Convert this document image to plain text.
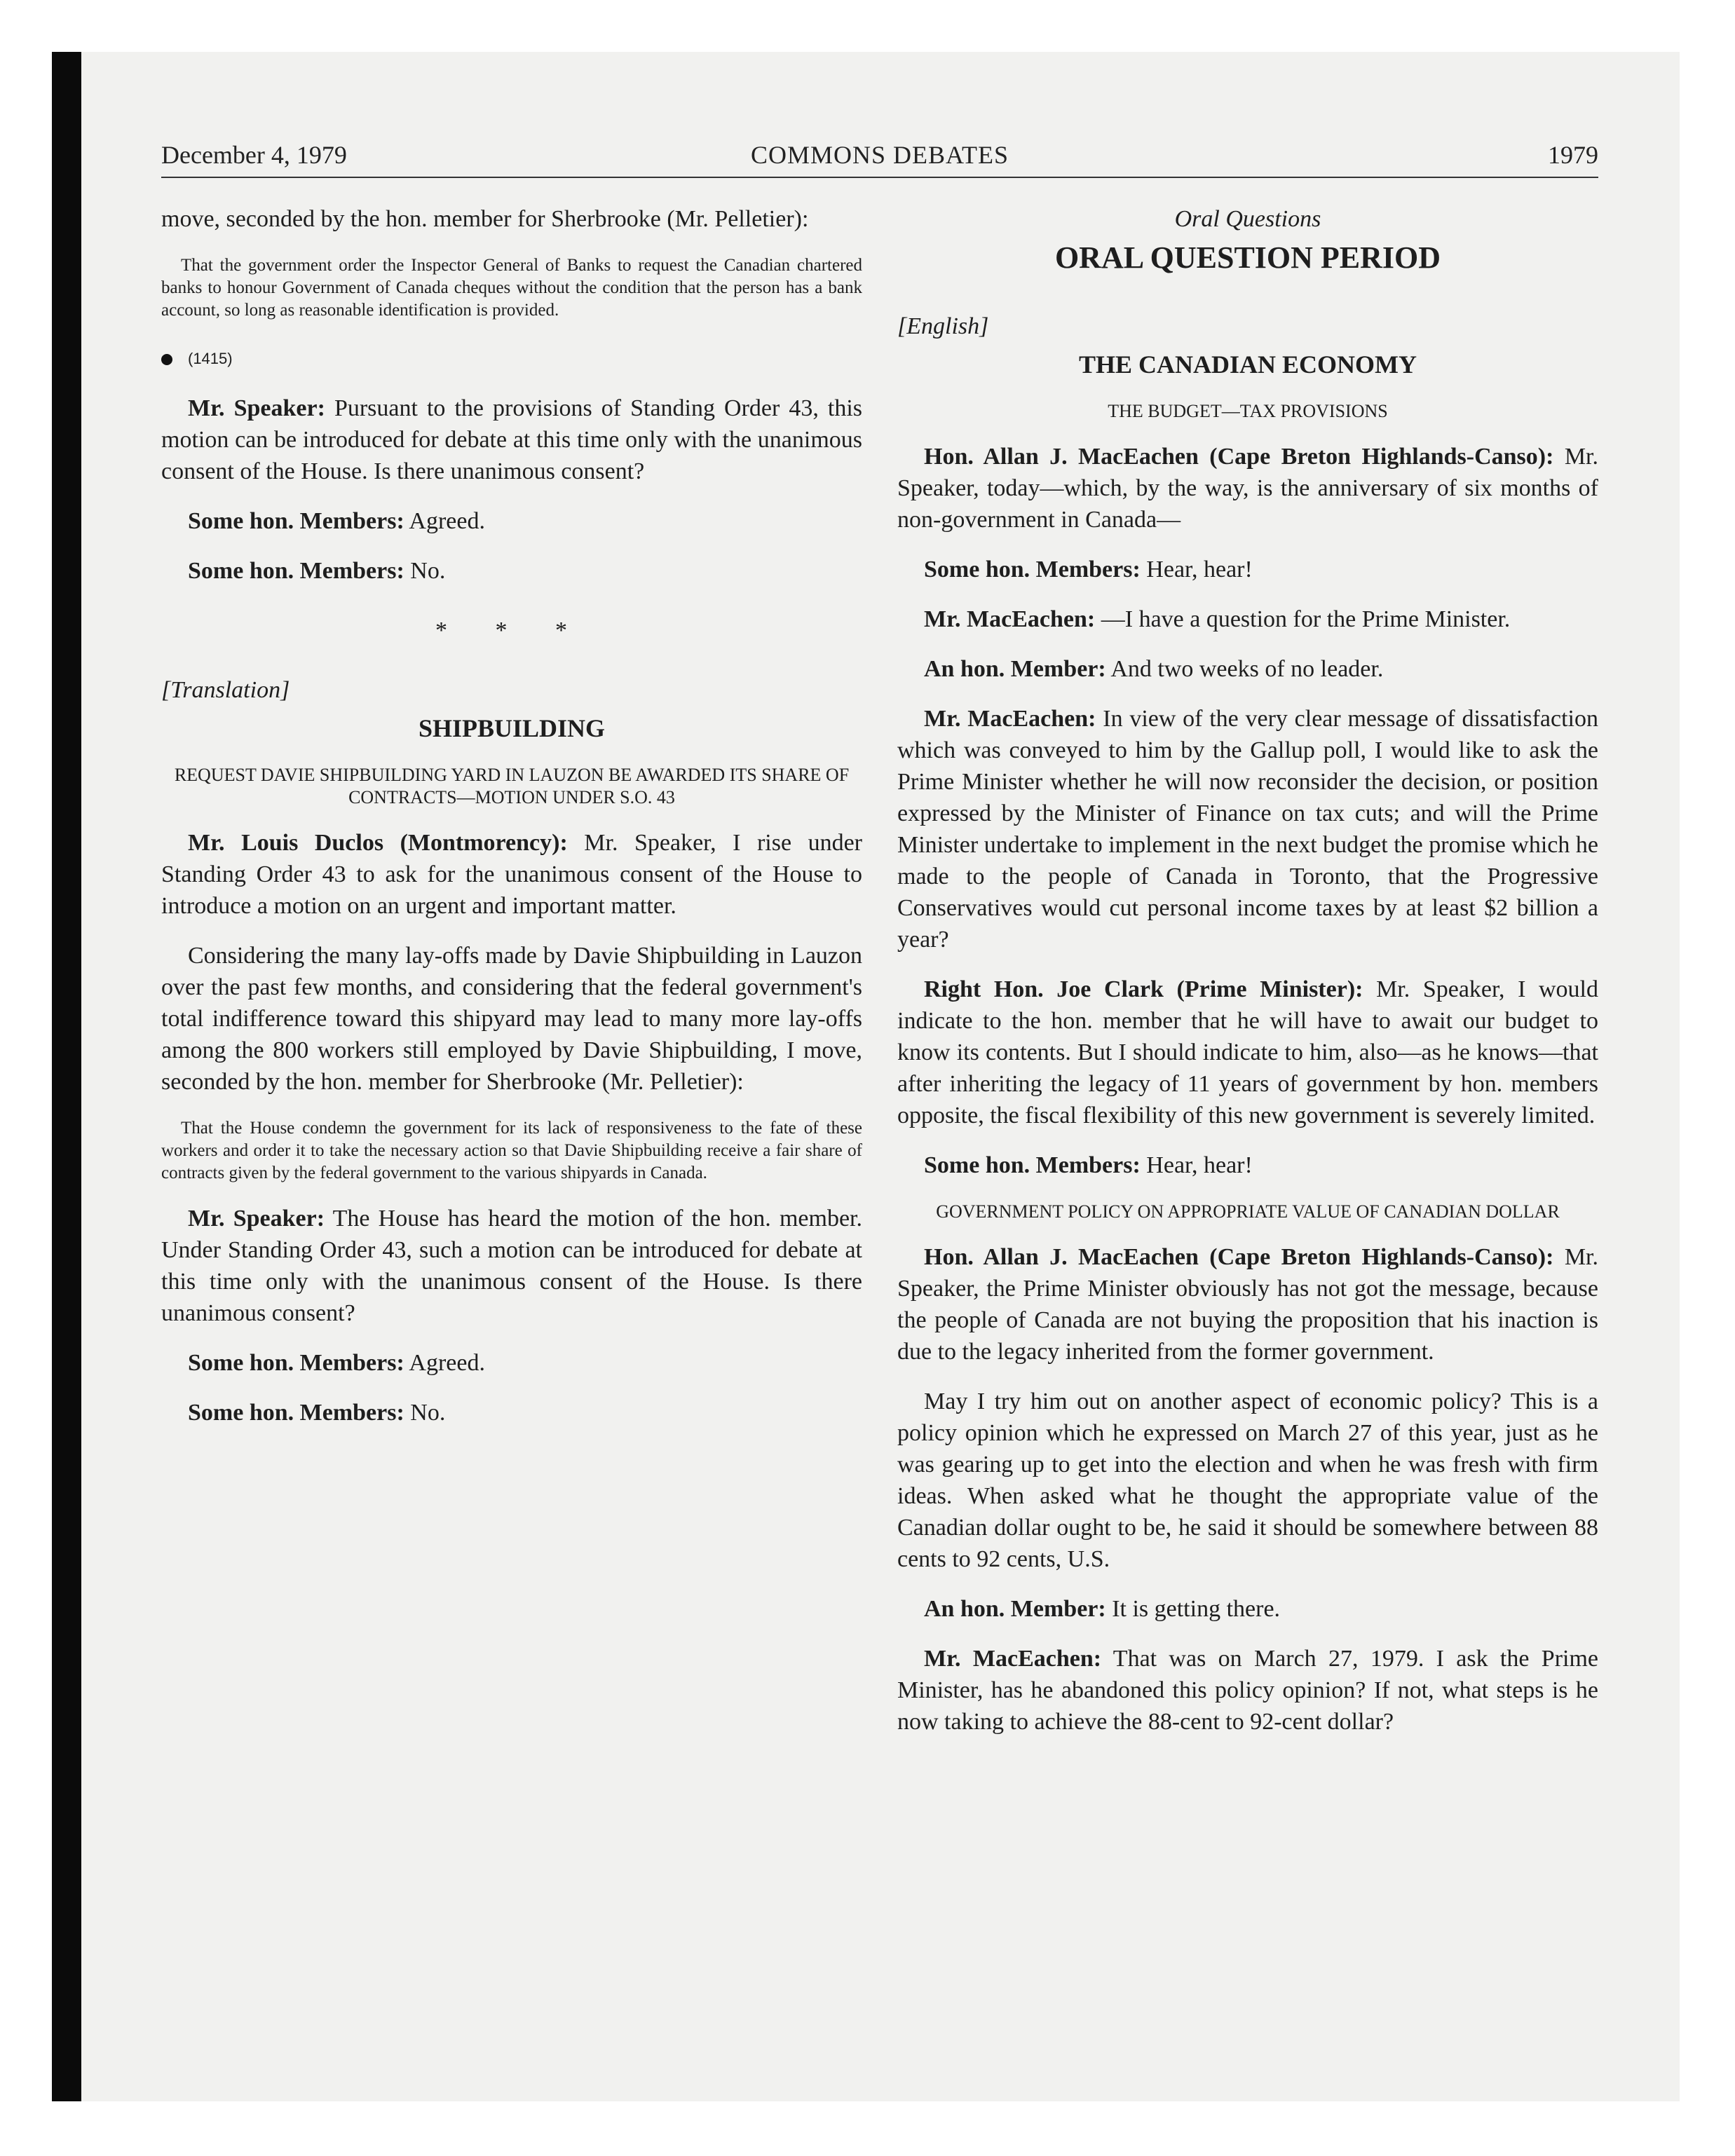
December 4, 1979	COMMONS DEBATES	1979

move, seconded by the hon. member for Sherbrooke (Mr. Pelletier):

That the government order the Inspector General of Banks to request the Canadian chartered banks to honour Government of Canada cheques without the condition that the person has a bank account, so long as reasonable identification is provided.

(1415)

Mr. Speaker: Pursuant to the provisions of Standing Order 43, this motion can be introduced for debate at this time only with the unanimous consent of the House. Is there unanimous consent?

Some hon. Members: Agreed.

Some hon. Members: No.

* * *

[Translation]

SHIPBUILDING

REQUEST DAVIE SHIPBUILDING YARD IN LAUZON BE AWARDED ITS SHARE OF CONTRACTS—MOTION UNDER S.O. 43

Mr. Louis Duclos (Montmorency): Mr. Speaker, I rise under Standing Order 43 to ask for the unanimous consent of the House to introduce a motion on an urgent and important matter.

Considering the many lay-offs made by Davie Shipbuilding in Lauzon over the past few months, and considering that the federal government's total indifference toward this shipyard may lead to many more lay-offs among the 800 workers still employed by Davie Shipbuilding, I move, seconded by the hon. member for Sherbrooke (Mr. Pelletier):

That the House condemn the government for its lack of responsiveness to the fate of these workers and order it to take the necessary action so that Davie Shipbuilding receive a fair share of contracts given by the federal government to the various shipyards in Canada.

Mr. Speaker: The House has heard the motion of the hon. member. Under Standing Order 43, such a motion can be introduced for debate at this time only with the unanimous consent of the House. Is there unanimous consent?

Some hon. Members: Agreed.

Some hon. Members: No.

Oral Questions

ORAL QUESTION PERIOD

[English]

THE CANADIAN ECONOMY

THE BUDGET—TAX PROVISIONS

Hon. Allan J. MacEachen (Cape Breton Highlands-Canso): Mr. Speaker, today—which, by the way, is the anniversary of six months of non-government in Canada—

Some hon. Members: Hear, hear!

Mr. MacEachen: —I have a question for the Prime Minister.

An hon. Member: And two weeks of no leader.

Mr. MacEachen: In view of the very clear message of dissatisfaction which was conveyed to him by the Gallup poll, I would like to ask the Prime Minister whether he will now reconsider the decision, or position expressed by the Minister of Finance on tax cuts; and will the Prime Minister undertake to implement in the next budget the promise which he made to the people of Canada in Toronto, that the Progressive Conservatives would cut personal income taxes by at least $2 billion a year?

Right Hon. Joe Clark (Prime Minister): Mr. Speaker, I would indicate to the hon. member that he will have to await our budget to know its contents. But I should indicate to him, also—as he knows—that after inheriting the legacy of 11 years of government by hon. members opposite, the fiscal flexibility of this new government is severely limited.

Some hon. Members: Hear, hear!

GOVERNMENT POLICY ON APPROPRIATE VALUE OF CANADIAN DOLLAR

Hon. Allan J. MacEachen (Cape Breton Highlands-Canso): Mr. Speaker, the Prime Minister obviously has not got the message, because the people of Canada are not buying the proposition that his inaction is due to the legacy inherited from the former government.

May I try him out on another aspect of economic policy? This is a policy opinion which he expressed on March 27 of this year, just as he was gearing up to get into the election and when he was fresh with firm ideas. When asked what he thought the appropriate value of the Canadian dollar ought to be, he said it should be somewhere between 88 cents to 92 cents, U.S.

An hon. Member: It is getting there.

Mr. MacEachen: That was on March 27, 1979. I ask the Prime Minister, has he abandoned this policy opinion? If not, what steps is he now taking to achieve the 88-cent to 92-cent dollar?
